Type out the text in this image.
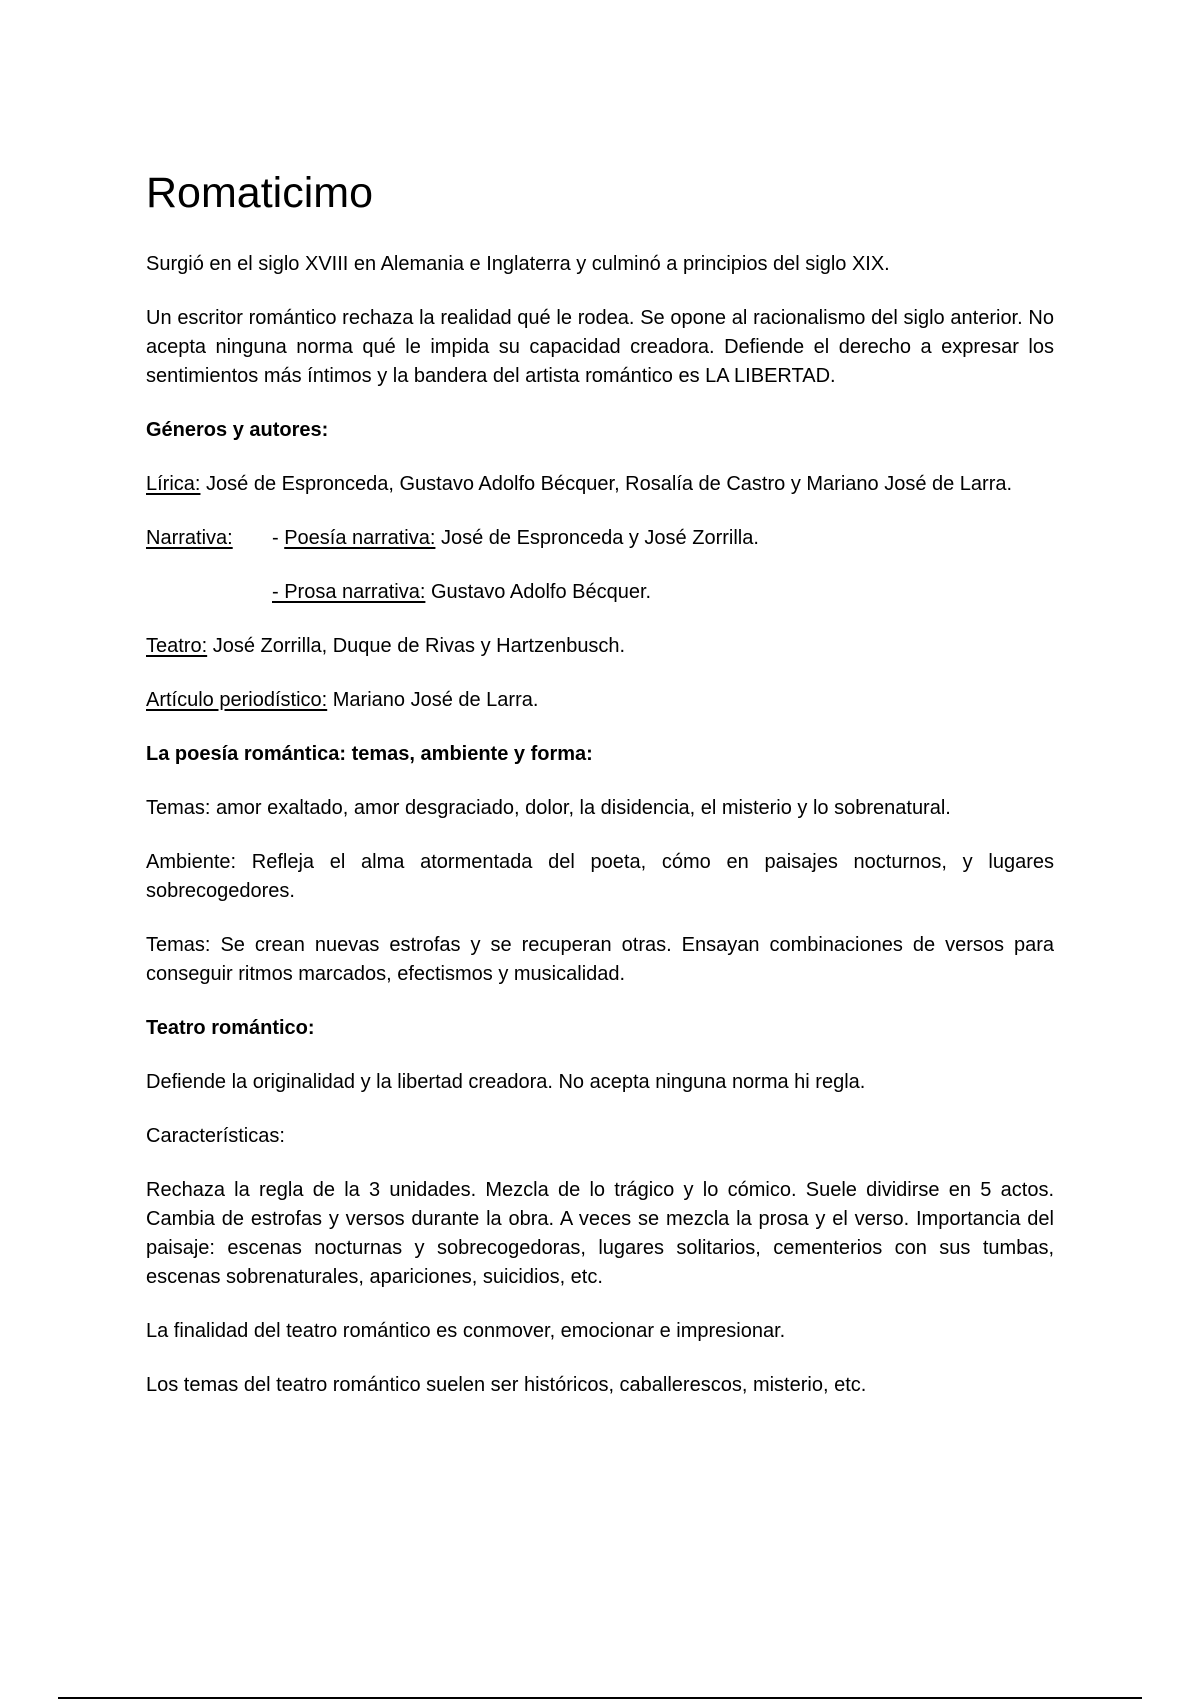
Romaticimo

Surgió en el siglo XVIII en Alemania e Inglaterra y culminó a principios del siglo XIX.

Un escritor romántico rechaza la realidad qué le rodea. Se opone al racionalismo del siglo anterior. No acepta ninguna norma qué le impida su capacidad creadora. Defiende el derecho a expresar los sentimientos más íntimos y la bandera del artista romántico es LA LIBERTAD.

Géneros y autores:

Lírica: José de Espronceda, Gustavo Adolfo Bécquer, Rosalía de Castro y Mariano José de Larra.

Narrativa:	- Poesía narrativa: José de Espronceda y José Zorrilla.

- Prosa narrativa: Gustavo Adolfo Bécquer.

Teatro: José Zorrilla, Duque de Rivas y Hartzenbusch.

Artículo periodístico: Mariano José de Larra.

La poesía romántica: temas, ambiente y forma:

Temas: amor exaltado, amor desgraciado, dolor, la disidencia, el misterio y lo sobrenatural.

Ambiente: Refleja el alma atormentada del poeta, cómo en paisajes nocturnos, y lugares sobrecogedores.

Temas: Se crean nuevas estrofas y se recuperan otras. Ensayan combinaciones de versos para conseguir ritmos marcados, efectismos y musicalidad.

Teatro romántico:

Defiende la originalidad y la libertad creadora. No acepta ninguna norma hi regla.

Características:

Rechaza la regla de la 3 unidades. Mezcla de lo trágico y lo cómico. Suele dividirse en 5 actos. Cambia de estrofas y versos durante la obra. A veces se mezcla la prosa y el verso. Importancia del paisaje: escenas nocturnas y sobrecogedoras, lugares solitarios, cementerios con sus tumbas, escenas sobrenaturales, apariciones, suicidios, etc.

La finalidad del teatro romántico es conmover, emocionar e impresionar.

Los temas del teatro romántico suelen ser históricos, caballerescos, misterio, etc.
